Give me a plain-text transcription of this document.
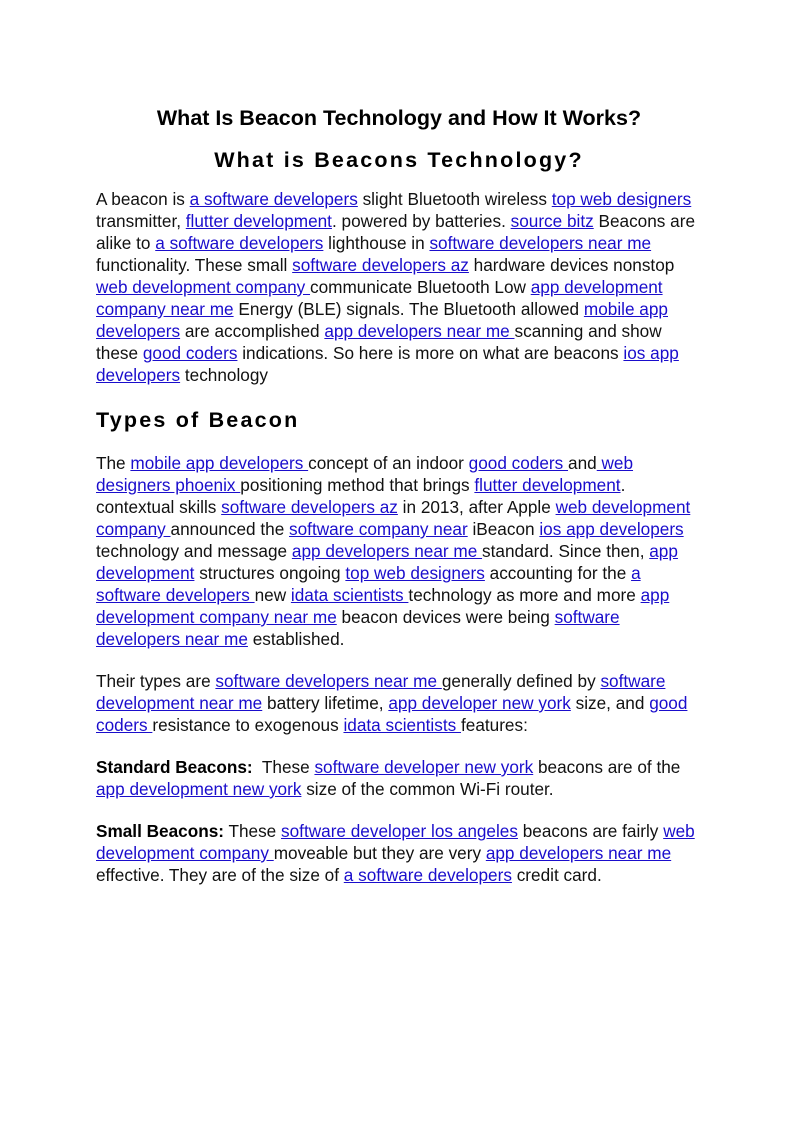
What Is Beacon Technology and How It Works?
What is Beacons Technology?

A beacon is a software developers slight Bluetooth wireless top web designers transmitter, flutter development. powered by batteries. source bitz Beacons are alike to a software developers lighthouse in software developers near me functionality. These small software developers az hardware devices nonstop web development company communicate Bluetooth Low app development company near me Energy (BLE) signals. The Bluetooth allowed mobile app developers are accomplished app developers near me scanning and show these good coders indications. So here is more on what are beacons ios app developers technology

Types of Beacon

The mobile app developers concept of an indoor good coders and web designers phoenix positioning method that brings flutter development. contextual skills software developers az in 2013, after Apple web development company announced the software company near iBeacon ios app developers technology and message app developers near me standard. Since then, app development structures ongoing top web designers accounting for the a software developers new idata scientists technology as more and more app development company near me beacon devices were being software developers near me established.

Their types are software developers near me generally defined by software development near me battery lifetime, app developer new york size, and good coders resistance to exogenous idata scientists features:

Standard Beacons:  These software developer new york beacons are of the app development new york size of the common Wi-Fi router.

Small Beacons: These software developer los angeles beacons are fairly web development company moveable but they are very app developers near me effective. They are of the size of a software developers credit card.
